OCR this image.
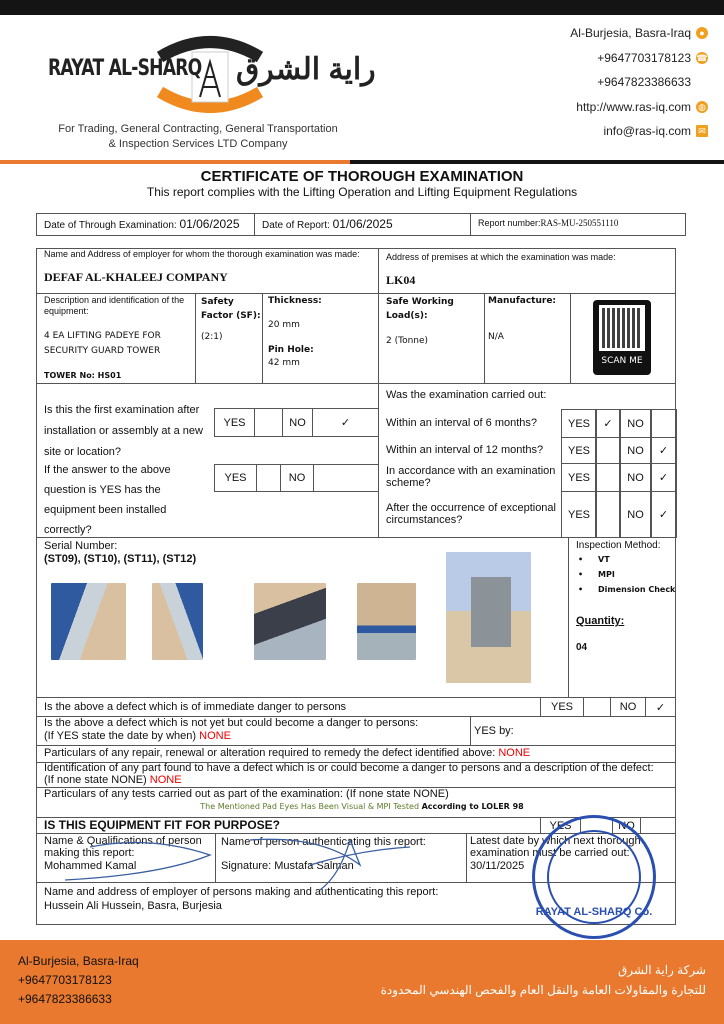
RAYAT AL-SHARQ راية الشرق
For Trading, General Contracting, General Transportation
& Inspection Services LTD Company
Al-Burjesia, Basra-Iraq ●
+9647703178123 ☎
+9647823386633
http://www.ras-iq.com ◍
info@ras-iq.com ✉
CERTIFICATE OF THOROUGH EXAMINATION
This report complies with the Lifting Operation and Lifting Equipment Regulations
Date of Through Examination: 01/06/2025 Date of Report: 01/06/2025	Report number:RAS-MU-250551110
Name and Address of employer for whom the thorough examination was made:
DEFAF AL-KHALEEJ COMPANY
Address of premises at which the examination was made:
LK04
Description and identification of the equipment:
4 EA LIFTING PADEYE FOR SECURITY GUARD TOWER
TOWER No: HS01
Safety Factor (SF):
(2:1)
Thickness:
20 mm
Pin Hole:
42 mm
Safe Working Load(s):
2 (Tonne)
Manufacture:
N/A
SCAN ME
Is this the first examination after installation or assembly at a new site or location?
YES	NO	✓
If the answer to the above question is YES has the equipment been installed correctly?
YES	NO
Was the examination carried out:
Within an interval of 6 months?	YES	✓	NO
Within an interval of 12 months?	YES	NO	✓
In accordance with an examination scheme?	YES	NO	✓
After the occurrence of exceptional circumstances?	YES	NO	✓
Serial Number:
(ST09), (ST10), (ST11), (ST12)
Inspection Method:
• VT
• MPI
• Dimension Check
Quantity:
04
Is the above a defect which is of immediate danger to persons	YES	NO	✓
Is the above a defect which is not yet but could become a danger to persons:
(If YES state the date by when) NONE	YES by:
Particulars of any repair, renewal or alteration required to remedy the defect identified above: NONE
Identification of any part found to have a defect which is or could become a danger to persons and a description of the defect:
(If none state NONE) NONE
Particulars of any tests carried out as part of the examination: (If none state NONE)
The Mentioned Pad Eyes Has Been Visual & MPI Tested According to LOLER 98
IS THIS EQUIPMENT FIT FOR PURPOSE?	YES	NO
Name & Qualifications of person making this report:
Mohammed Kamal
Name of person authenticating this report:
Signature: Mustafa Salman
Latest date by which next thorough examination must be carried out:
30/11/2025
Name and address of employer of persons making and authenticating this report:
Hussein Ali Hussein, Basra, Burjesia	RAYAT AL-SHARQ Co.
Al-Burjesia, Basra-Iraq
+9647703178123
+9647823386633
شركة راية الشرق
للتجارة والمقاولات العامة والنقل العام والفحص الهندسي المحدودة
